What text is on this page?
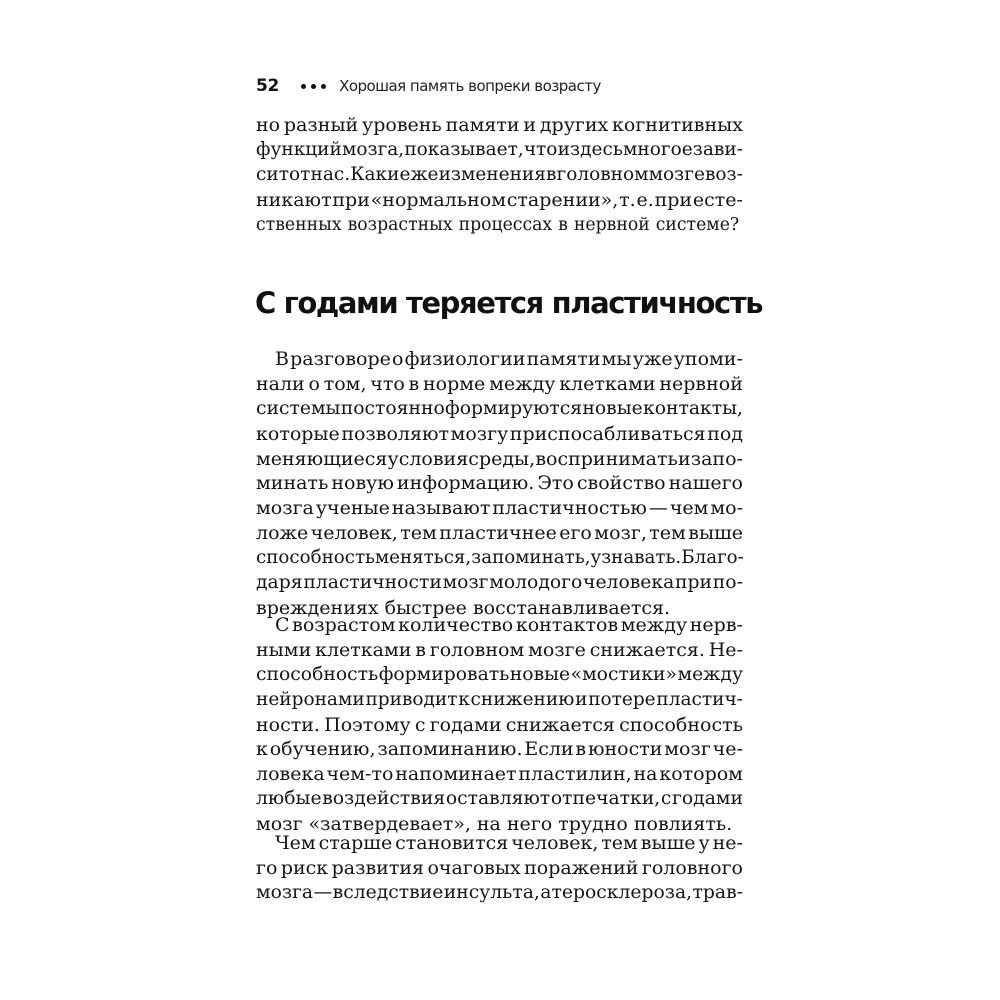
52	Хорошая память вопреки возрасту
но разный уровень памяти и других когнитивных
функций мозга, показывает, что и здесь многое зави-
сит от нас. Какие же изменения в головном мозге воз-
никают при «нормальном старении», т. е. при есте-
ственных возрастных процессах в нервной системе?
С годами теряется пластичность
В разговоре о физиологии памяти мы уже упоми-
нали о том, что в норме между клетками нервной
системы постоянно формируются новые контакты,
которые позволяют мозгу приспосабливаться под
меняющиеся условия среды, воспринимать и запо-
минать новую информацию. Это свойство нашего
мозга ученые называют пластичностью — чем мо-
ложе человек, тем пластичнее его мозг, тем выше
способность меняться, запоминать, узнавать. Благо-
даря пластичности мозг молодого человека при по-
вреждениях быстрее восстанавливается.
С возрастом количество контактов между нерв-
ными клетками в головном мозге снижается. Не-
способность формировать новые «мостики» между
нейронами приводит к снижению и потере пластич-
ности. Поэтому с годами снижается способность
к обучению, запоминанию. Если в юности мозг че-
ловека чем-то напоминает пластилин, на котором
любые воздействия оставляют отпечатки, с годами
мозг «затвердевает», на него трудно повлиять.
Чем старше становится человек, тем выше у не-
го риск развития очаговых поражений головного
мозга — вследствие инсульта, атеросклероза, трав-
